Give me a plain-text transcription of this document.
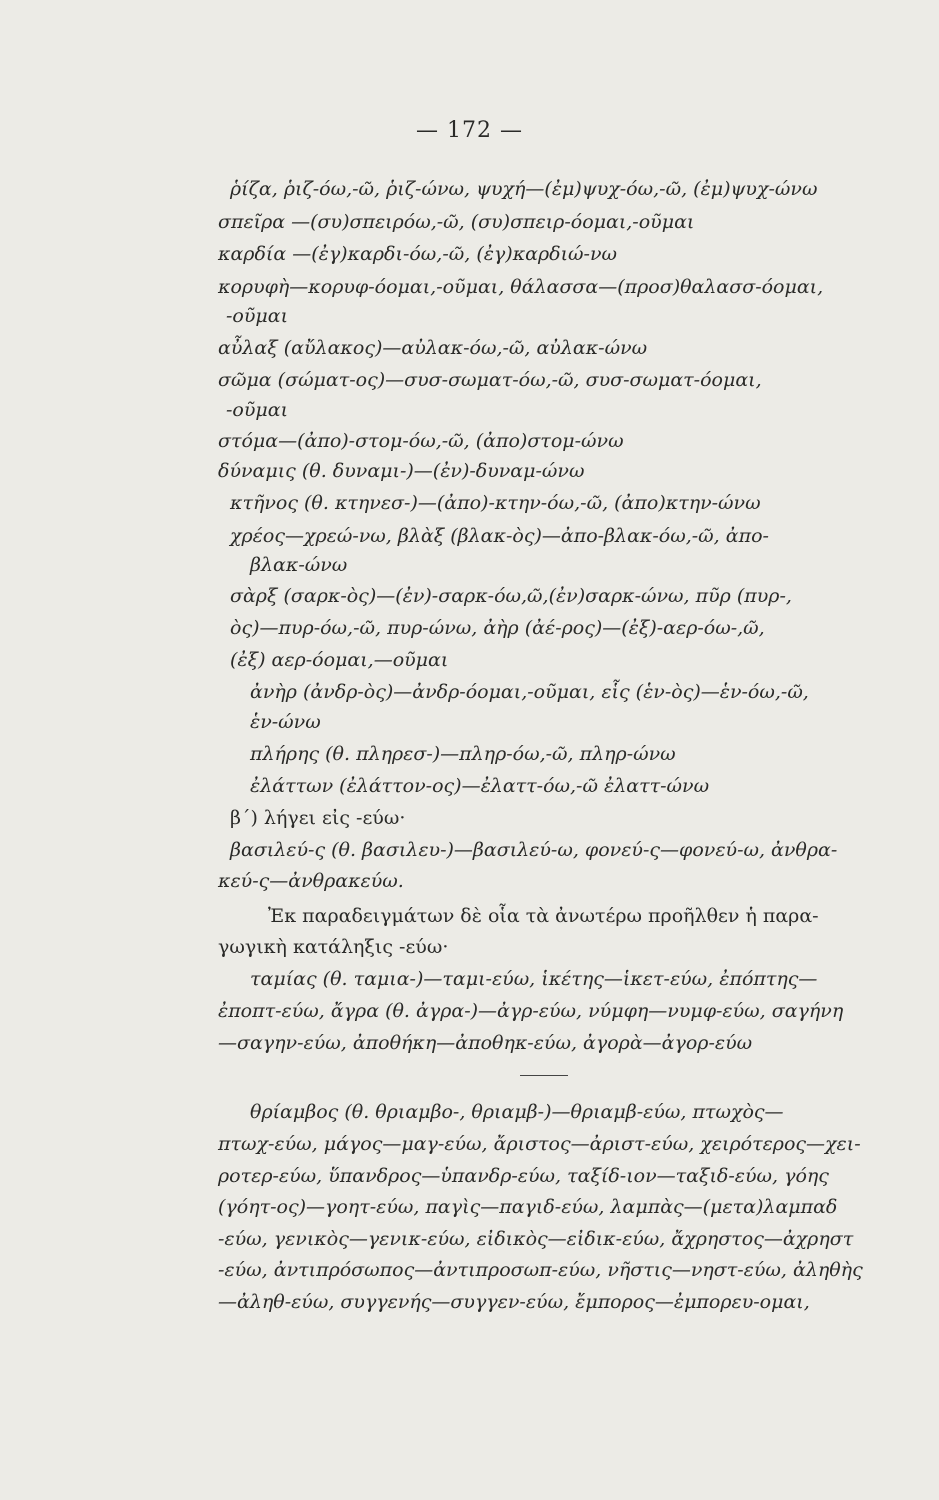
— 172 —
ῥίζα, ῥιζ-όω,-ῶ, ῥιζ-ώνω, ψυχή—(ἐμ)ψυχ-όω,-ῶ, (ἐμ)ψυχ-ώνω
σπεῖρα —(συ)σπειρόω,-ῶ, (συ)σπειρ-όομαι,-οῦμαι
καρδία —(ἐγ)καρδι-όω,-ῶ, (ἐγ)καρδιώ-νω
κορυφὴ—κορυφ-όομαι,-οῦμαι, θάλασσα—(προσ)θαλασσ-όομαι,
-οῦμαι
αὖλαξ (αὔλακος)—αὐλακ-όω,-ῶ, αὐλακ-ώνω
σῶμα (σώματ-ος)—συσ-σωματ-όω,-ῶ, συσ-σωματ-όομαι,
-οῦμαι
στόμα—(ἀπο)-στομ-όω,-ῶ, (ἀπο)στομ-ώνω
δύναμις (θ. δυναμι-)—(ἐν)-δυναμ-ώνω
κτῆνος (θ. κτηνεσ-)—(ἀπο)-κτην-όω,-ῶ, (ἀπο)κτην-ώνω
χρέος—χρεώ-νω, βλὰξ (βλακ-ὸς)—ἀπο-βλακ-όω,-ῶ, ἀπο-
βλακ-ώνω
σὰρξ (σαρκ-ὸς)—(ἐν)-σαρκ-όω,ῶ,(ἐν)σαρκ-ώνω, πῦρ (πυρ-,
ὸς)—πυρ-όω,-ῶ, πυρ-ώνω, ἀὴρ (ἀέ-ρος)—(ἐξ)-αερ-όω-,ῶ,
(ἐξ) αερ-όομαι,—οῦμαι
ἀνὴρ (ἀνδρ-ὸς)—ἀνδρ-όομαι,-οῦμαι, εἷς (ἑν-ὸς)—ἑν-όω,-ῶ,
ἑν-ώνω
πλήρης (θ. πληρεσ-)—πληρ-όω,-ῶ, πληρ-ώνω
ἐλάττων (ἐλάττον-ος)—ἐλαττ-όω,-ῶ ἐλαττ-ώνω
β΄) λήγει εἰς -εύω·
βασιλεύ-ς (θ. βασιλευ-)—βασιλεύ-ω, φονεύ-ς—φονεύ-ω, ἀνθρα-
κεύ-ς—ἀνθρακεύω.
Ἐκ παραδειγμάτων δὲ οἷα τὰ ἀνωτέρω προῆλθεν ἡ παρα-
γωγικὴ κατάληξις -εύω·
ταμίας (θ. ταμια-)—ταμι-εύω, ἱκέτης—ἱκετ-εύω, ἐπόπτης—
ἐποπτ-εύω, ἄγρα (θ. ἀγρα-)—ἀγρ-εύω, νύμφη—νυμφ-εύω, σαγήνη
—σαγην-εύω, ἀποθήκη—ἀποθηκ-εύω, ἀγορὰ—ἀγορ-εύω
θρίαμβος (θ. θριαμβο-, θριαμβ-)—θριαμβ-εύω, πτωχὸς—
πτωχ-εύω, μάγος—μαγ-εύω, ἄριστος—ἀριστ-εύω, χειρότερος—χει-
ροτερ-εύω, ὕπανδρος—ὑπανδρ-εύω, ταξίδ-ιον—ταξιδ-εύω, γόης
(γόητ-ος)—γοητ-εύω, παγὶς—παγιδ-εύω, λαμπὰς—(μετα)λαμπαδ
-εύω, γενικὸς—γενικ-εύω, εἰδικὸς—εἰδικ-εύω, ἄχρηστος—ἀχρηστ
-εύω, ἀντιπρόσωπος—ἀντιπροσωπ-εύω, νῆστις—νηστ-εύω, ἀληθὴς
—ἀληθ-εύω, συγγενής—συγγεν-εύω, ἔμπορος—ἐμπορευ-ομαι,
